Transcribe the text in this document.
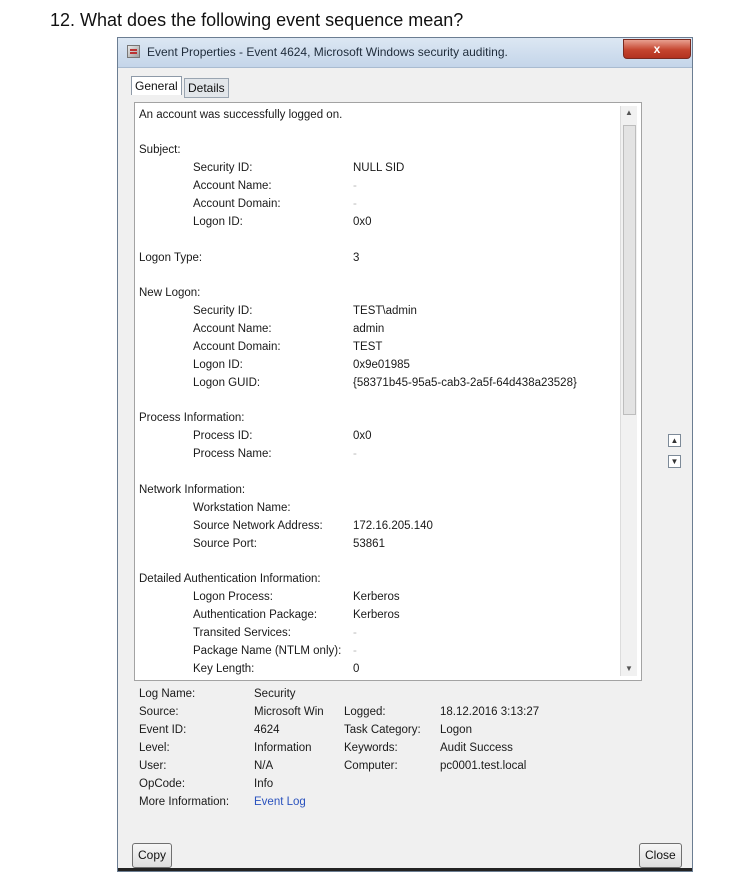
12. What does the following event sequence mean?
Event Properties - Event 4624, Microsoft Windows security auditing.	x
General Details
An account was successfully logged on.
Subject:
Security ID:	NULL SID
Account Name:	-
Account Domain:	-
Logon ID:	0x0
Logon Type:	3
New Logon:
Security ID:	TEST\admin
Account Name:	admin
Account Domain:	TEST
Logon ID:	0x9e01985
Logon GUID:	{58371b45-95a5-cab3-2a5f-64d438a23528}
Process Information:
Process ID:	0x0
Process Name:	-
Network Information:
Workstation Name:
Source Network Address:	172.16.205.140
Source Port:	53861
Detailed Authentication Information:
Logon Process:	Kerberos
Authentication Package:	Kerberos
Transited Services:	-
Package Name (NTLM only): -
Key Length:	0
▲
▼
▲
▼
Log Name:	Security
Source:	Microsoft Win Logged:	18.12.2016 3:13:27
Event ID:	4624	Task Category: Logon
Level:	Information	Keywords:	Audit Success
User:	N/A	Computer:	pc0001.test.local
OpCode:	Info
More Information: Event Log
Copy	Close
